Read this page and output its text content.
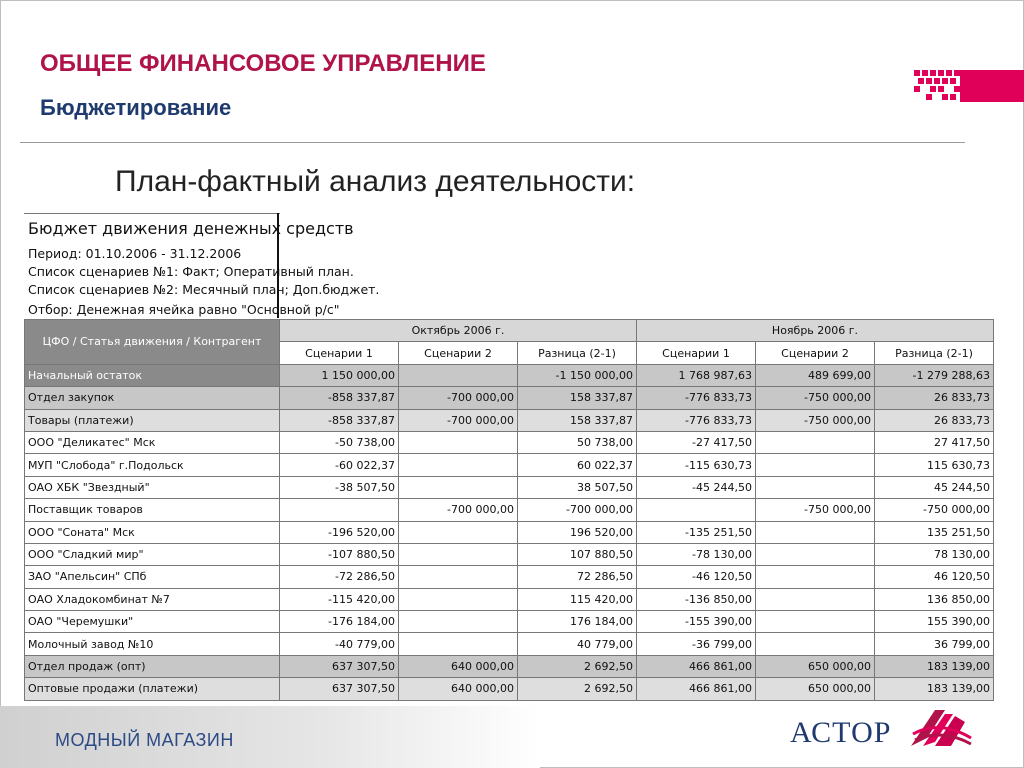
ОБЩЕЕ ФИНАНСОВОЕ УПРАВЛЕНИЕ
Бюджетирование
План-фактный анализ деятельности:
Бюджет движения денежных средств
Период: 01.10.2006 - 31.12.2006
Список сценариев №1: Факт; Оперативный план.
Список сценариев №2: Месячный план; Доп.бюджет.
Отбор: Денежная ячейка равно "Основной р/с"
ЦФО / Статья движения / Контрагент	Октябрь 2006 г.			Ноябрь 2006 г.		
	Сценарии 1	Сценарии 2	Разница (2-1)	Сценарии 1	Сценарии 2	Разница (2-1)
Начальный остаток	1 150 000,00		-1 150 000,00	1 768 987,63	489 699,00	-1 279 288,63
Отдел закупок	-858 337,87	-700 000,00	158 337,87	-776 833,73	-750 000,00	26 833,73
Товары (платежи)	-858 337,87	-700 000,00	158 337,87	-776 833,73	-750 000,00	26 833,73
ООО "Деликатес" Мск	-50 738,00		50 738,00	-27 417,50		27 417,50
МУП "Слобода" г.Подольск	-60 022,37		60 022,37	-115 630,73		115 630,73
ОАО ХБК "Звездный"	-38 507,50		38 507,50	-45 244,50		45 244,50
Поставщик товаров		-700 000,00	-700 000,00		-750 000,00	-750 000,00
ООО "Соната" Мск	-196 520,00		196 520,00	-135 251,50		135 251,50
ООО "Сладкий мир"	-107 880,50		107 880,50	-78 130,00		78 130,00
ЗАО "Апельсин" СПб	-72 286,50		72 286,50	-46 120,50		46 120,50
ОАО Хладокомбинат №7	-115 420,00		115 420,00	-136 850,00		136 850,00
ОАО "Черемушки"	-176 184,00		176 184,00	-155 390,00		155 390,00
Молочный завод №10	-40 779,00		40 779,00	-36 799,00		36 799,00
Отдел продаж (опт)	637 307,50	640 000,00	2 692,50	466 861,00	650 000,00	183 139,00
Оптовые продажи (платежи)	637 307,50	640 000,00	2 692,50	466 861,00	650 000,00	183 139,00
МОДНЫЙ МАГАЗИН	АСТОР
